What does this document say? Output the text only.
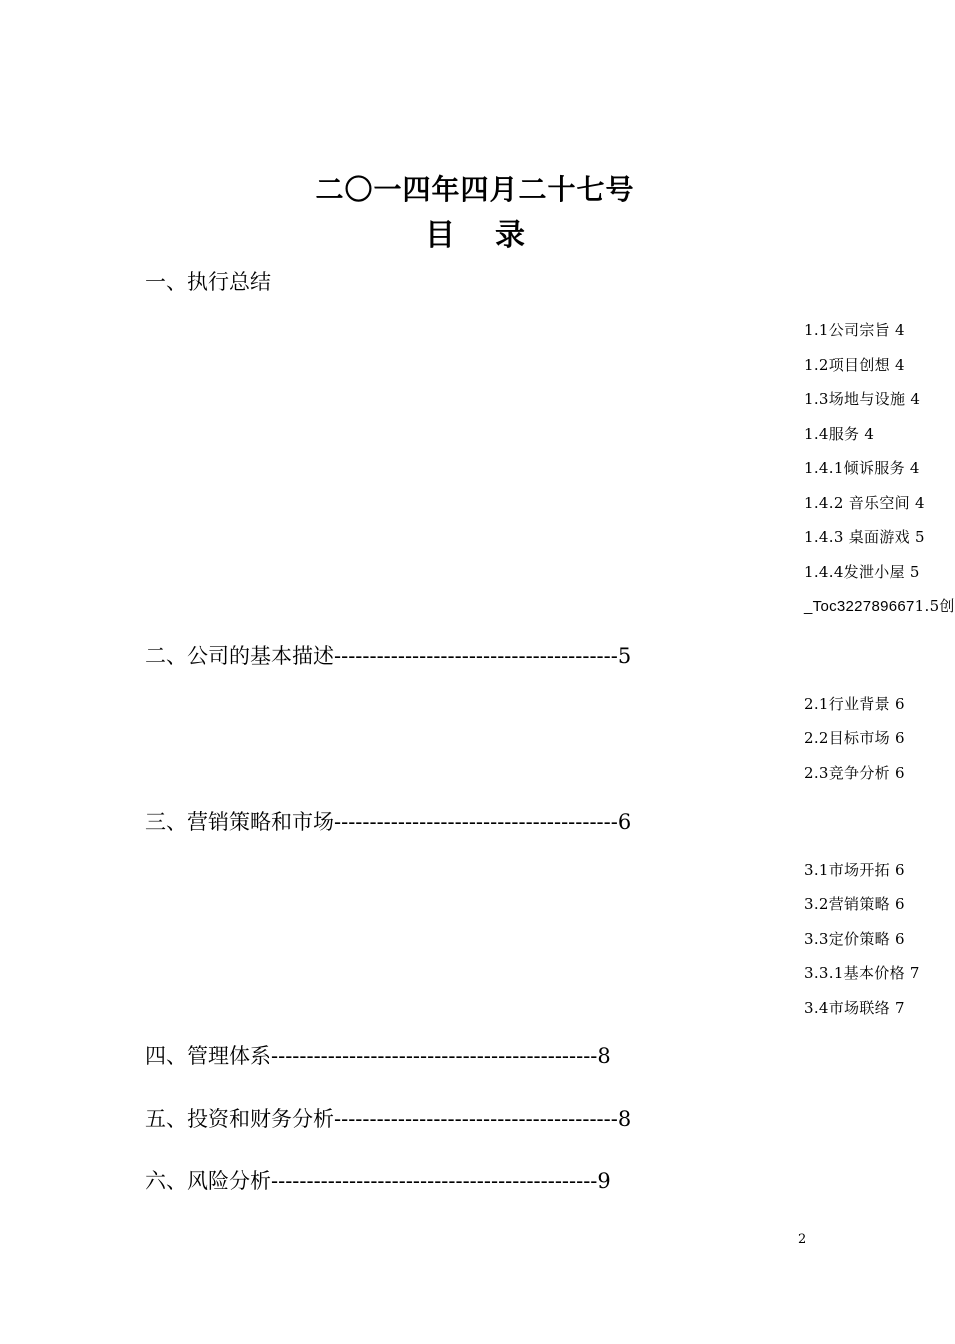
二〇一四年四月二十七号
目 录
一、执行总结
1.1公司宗旨 4
1.2项目创想 4
1.3场地与设施 4
1.4服务 4
1.4.1倾诉服务 4
1.4.2 音乐空间 4
1.4.3 桌面游戏 5
1.4.4发泄小屋 5
_Toc3227896671.5创
二、公司的基本描述----------------------------------------5
2.1行业背景 6
2.2目标市场 6
2.3竞争分析 6
三、营销策略和市场----------------------------------------6
3.1市场开拓 6
3.2营销策略 6
3.3定价策略 6
3.3.1基本价格 7
3.4市场联络 7
四、管理体系----------------------------------------------8
五、投资和财务分析----------------------------------------8
六、风险分析----------------------------------------------9
2
